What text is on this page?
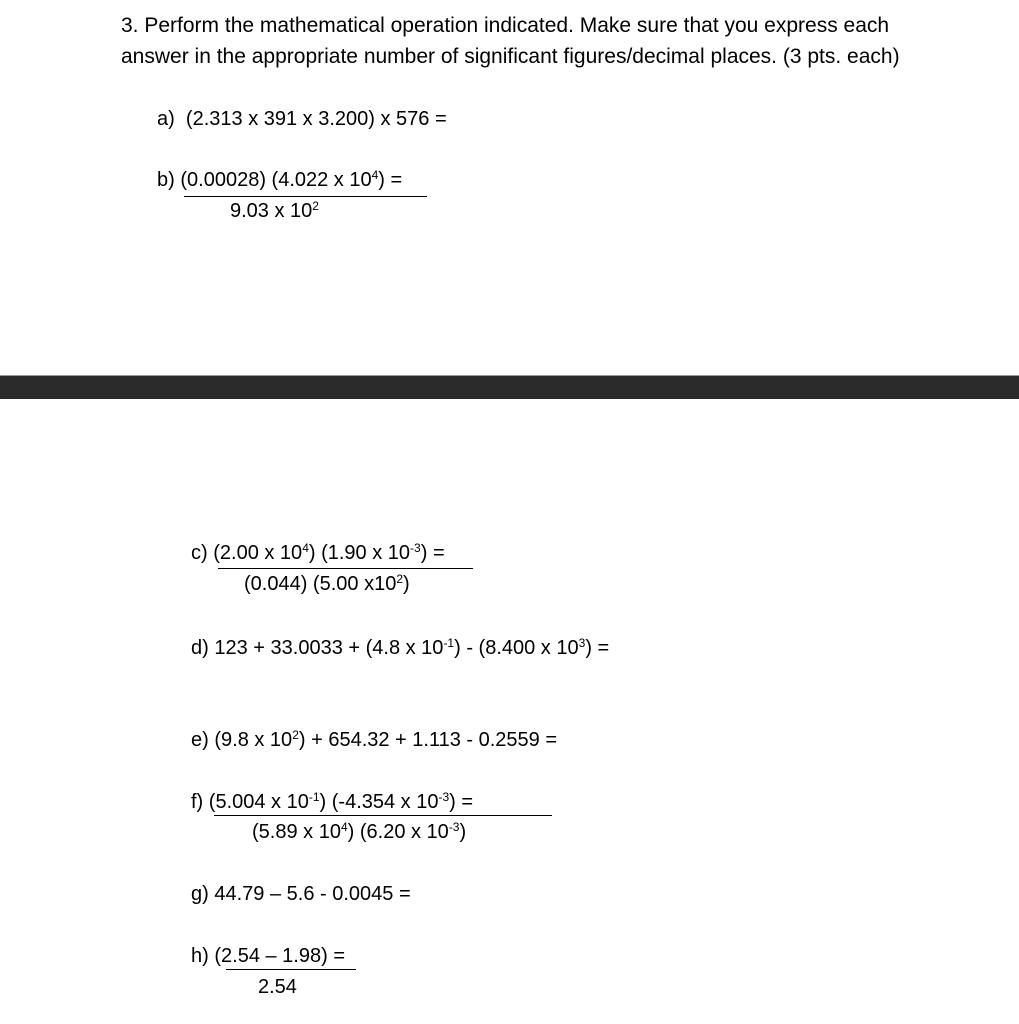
3. Perform the mathematical operation indicated. Make sure that you express each
answer in the appropriate number of significant figures/decimal places. (3 pts. each)
a) (2.313 x 391 x 3.200) x 576 =
b) (0.00028) (4.022 x $10^4$) =
9.03 x $10^2$
c) (2.00 x $10^4$) (1.90 x $10^{-3}$) =
(0.044) (5.00 $x10^2$)
d) 123 + 33.0033 + (4.8 x $10^{-1}) - (8.400$ x $10^3$) =
e) (9.8 x $10^2) + 654.32 + 1.113 - 0.2559$ =
f) (5.004 x $10^{-1}$) (-4.354 x $10^{-3}$) =
(5.89 x $10^4$) (6.20 x $10^{-3}$)
g) 44.79 – 5.6 - 0.0045 =
h) (2.54 – 1.98) =
2.54
